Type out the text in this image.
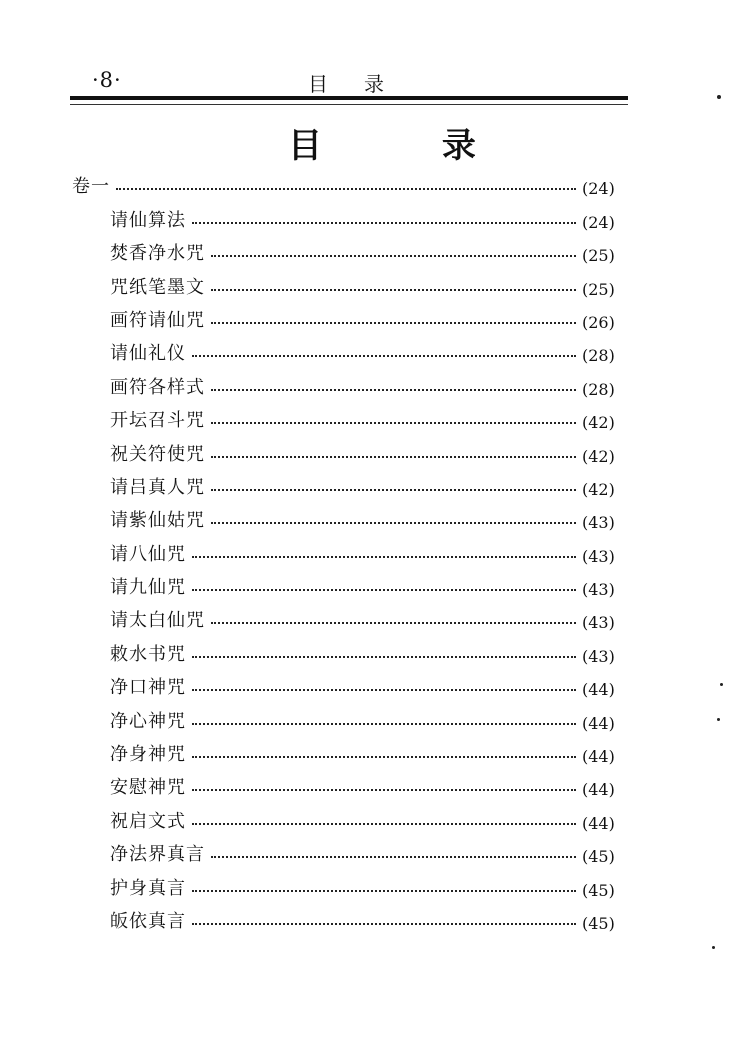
·8·	目录
目 录
卷一	(24)
请仙算法	(24)
焚香净水咒	(25)
咒纸笔墨文	(25)
画符请仙咒	(26)
请仙礼仪	(28)
画符各样式	(28)
开坛召斗咒	(42)
祝关符使咒	(42)
请吕真人咒	(42)
请紫仙姑咒	(43)
请八仙咒	(43)
请九仙咒	(43)
请太白仙咒	(43)
敕水书咒	(43)
净口神咒	(44)
净心神咒	(44)
净身神咒	(44)
安慰神咒	(44)
祝启文式	(44)
净法界真言	(45)
护身真言	(45)
皈依真言	(45)
